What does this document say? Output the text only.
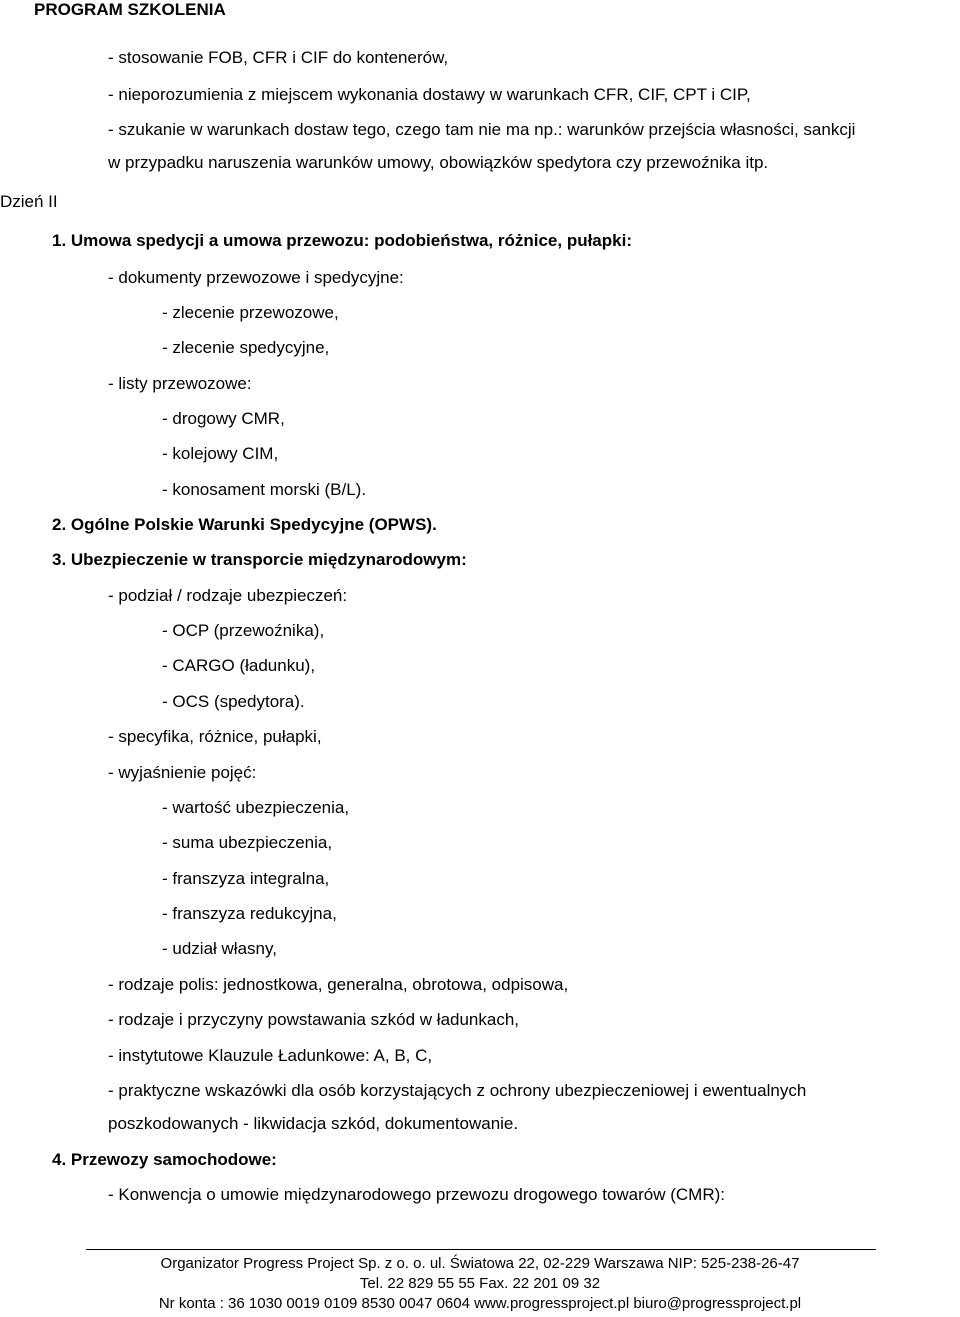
PROGRAM SZKOLENIA
- stosowanie FOB, CFR i CIF do kontenerów,
- nieporozumienia z miejscem wykonania dostawy w warunkach CFR, CIF, CPT i CIP,
- szukanie w warunkach dostaw tego, czego tam nie ma np.: warunków przejścia własności, sankcji
w przypadku naruszenia warunków umowy, obowiązków spedytora czy przewoźnika itp.
Dzień II
1. Umowa spedycji a umowa przewozu: podobieństwa, różnice, pułapki:
- dokumenty przewozowe i spedycyjne:
- zlecenie przewozowe,
- zlecenie spedycyjne,
- listy przewozowe:
- drogowy CMR,
- kolejowy CIM,
- konosament morski (B/L).
2. Ogólne Polskie Warunki Spedycyjne (OPWS).
3. Ubezpieczenie w transporcie międzynarodowym:
- podział / rodzaje ubezpieczeń:
- OCP (przewoźnika),
- CARGO (ładunku),
- OCS (spedytora).
- specyfika, różnice, pułapki,
- wyjaśnienie pojęć:
- wartość ubezpieczenia,
- suma ubezpieczenia,
- franszyza integralna,
- franszyza redukcyjna,
- udział własny,
- rodzaje polis: jednostkowa, generalna, obrotowa, odpisowa,
- rodzaje i przyczyny powstawania szkód w ładunkach,
- instytutowe Klauzule Ładunkowe: A, B, C,
- praktyczne wskazówki dla osób korzystających z ochrony ubezpieczeniowej i ewentualnych
poszkodowanych - likwidacja szkód, dokumentowanie.
4. Przewozy samochodowe:
- Konwencja o umowie międzynarodowego przewozu drogowego towarów (CMR):
Organizator Progress Project Sp. z o. o. ul. Światowa 22, 02-229 Warszawa NIP: 525-238-26-47
Tel. 22 829 55 55 Fax. 22 201 09 32
Nr konta : 36 1030 0019 0109 8530 0047 0604 www.progressproject.pl biuro@progressproject.pl
